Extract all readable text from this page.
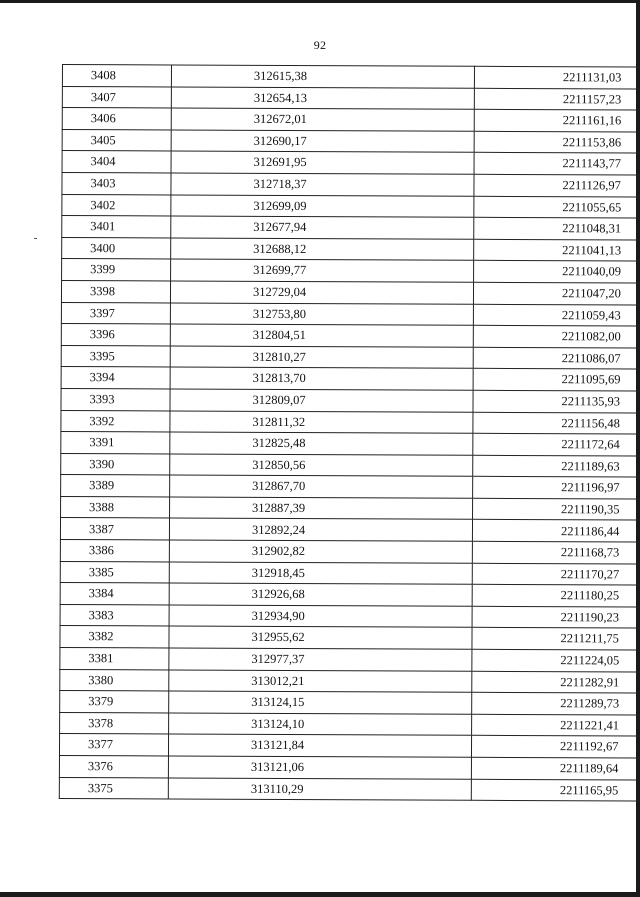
92
3408	312615,38	2211131,03
3407	312654,13	2211157,23
3406	312672,01	2211161,16
3405	312690,17	2211153,86
3404	312691,95	2211143,77
3403	312718,37	2211126,97
3402	312699,09	2211055,65
3401	312677,94	2211048,31
3400	312688,12	2211041,13
3399	312699,77	2211040,09
3398	312729,04	2211047,20
3397	312753,80	2211059,43
3396	312804,51	2211082,00
3395	312810,27	2211086,07
3394	312813,70	2211095,69
3393	312809,07	2211135,93
3392	312811,32	2211156,48
3391	312825,48	2211172,64
3390	312850,56	2211189,63
3389	312867,70	2211196,97
3388	312887,39	2211190,35
3387	312892,24	2211186,44
3386	312902,82	2211168,73
3385	312918,45	2211170,27
3384	312926,68	2211180,25
3383	312934,90	2211190,23
3382	312955,62	2211211,75
3381	312977,37	2211224,05
3380	313012,21	2211282,91
3379	313124,15	2211289,73
3378	313124,10	2211221,41
3377	313121,84	2211192,67
3376	313121,06	2211189,64
3375	313110,29	2211165,95
